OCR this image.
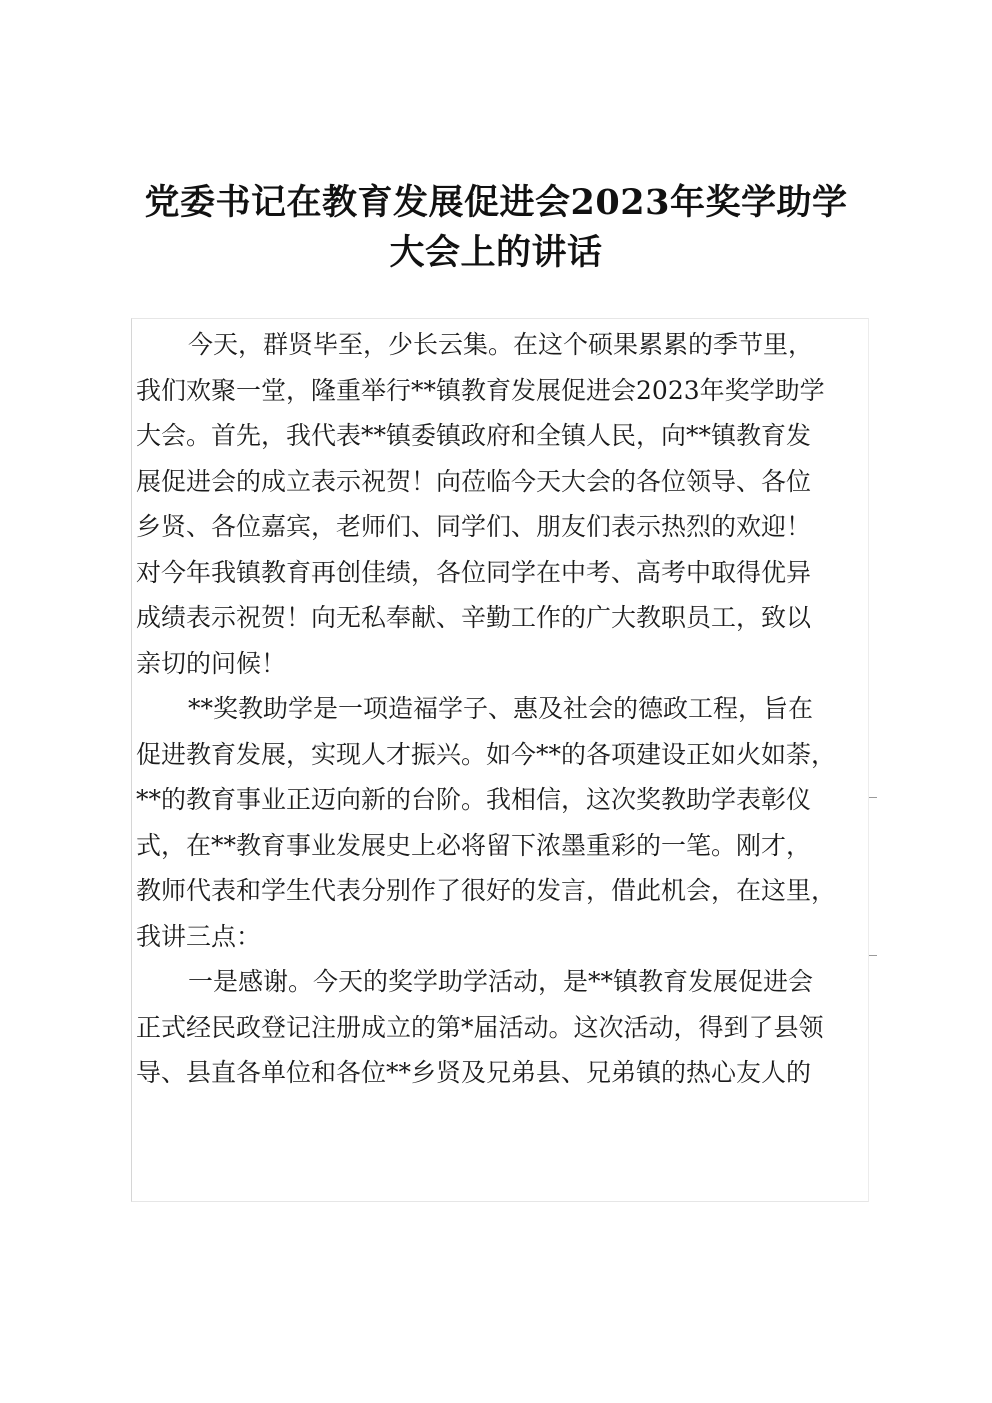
党委书记在教育发展促进会2023年奖学助学
大会上的讲话
今天，群贤毕至，少长云集。在这个硕果累累的季节里，
我们欢聚一堂，隆重举行**镇教育发展促进会2023年奖学助学
大会。首先，我代表**镇委镇政府和全镇人民，向**镇教育发
展促进会的成立表示祝贺！向莅临今天大会的各位领导、各位
乡贤、各位嘉宾，老师们、同学们、朋友们表示热烈的欢迎！
对今年我镇教育再创佳绩，各位同学在中考、高考中取得优异
成绩表示祝贺！向无私奉献、辛勤工作的广大教职员工，致以
亲切的问候！
**奖教助学是一项造福学子、惠及社会的德政工程，旨在
促进教育发展，实现人才振兴。如今**的各项建设正如火如荼，
**的教育事业正迈向新的台阶。我相信，这次奖教助学表彰仪
式，在**教育事业发展史上必将留下浓墨重彩的一笔。刚才，
教师代表和学生代表分别作了很好的发言，借此机会，在这里，
我讲三点：
一是感谢。今天的奖学助学活动，是**镇教育发展促进会
正式经民政登记注册成立的第*届活动。这次活动，得到了县领
导、县直各单位和各位**乡贤及兄弟县、兄弟镇的热心友人的
